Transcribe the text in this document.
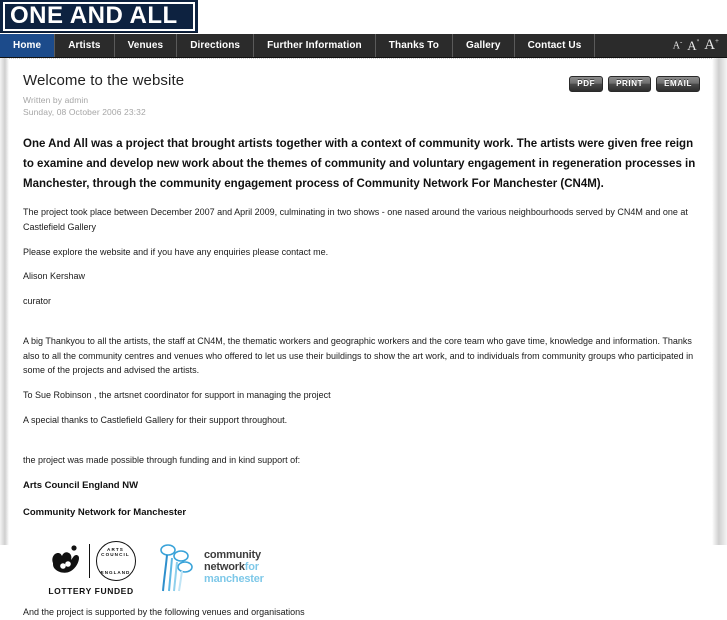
ONE AND ALL
Home	Artists	Venues	Directions	Further Information	Thanks To	Gallery	Contact Us	A- A'' A+
Welcome to the website
Written by admin
Sunday, 08 October 2006 23:32
PDF	PRINT	EMAIL

One And All was a project that brought artists together with a context of community work. The artists were given free reign to examine and develop new work about the themes of community and voluntary engagement in regeneration processes in Manchester, through the community engagement process of Community Network For Manchester (CN4M).

The project took place between December 2007 and April 2009, culminating in two shows - one nased around the various neighbourhoods served by CN4M and one at Castlefield Gallery

Please explore the website and if you have any enquiries please contact me.

Alison Kershaw

curator

A big Thankyou to all the artists, the staff at CN4M, the thematic workers and geographic workers and the core team who gave time, knowledge and information. Thanks also to all the community centres and venues who offered to let us use their buildings to show the art work, and to individuals from community groups who participated in some of the projects and advised the artists.

To Sue Robinson , the artsnet coordinator for support in managing the project

A special thanks to Castlefield Gallery for their support throughout.

the project was made possible through funding and in kind support of:

Arts Council England NW

Community Network for Manchester

ARTS COUNCIL
ENGLAND
LOTTERY FUNDED
community
networkfor
manchester

And the project is supported by the following venues and organisations
